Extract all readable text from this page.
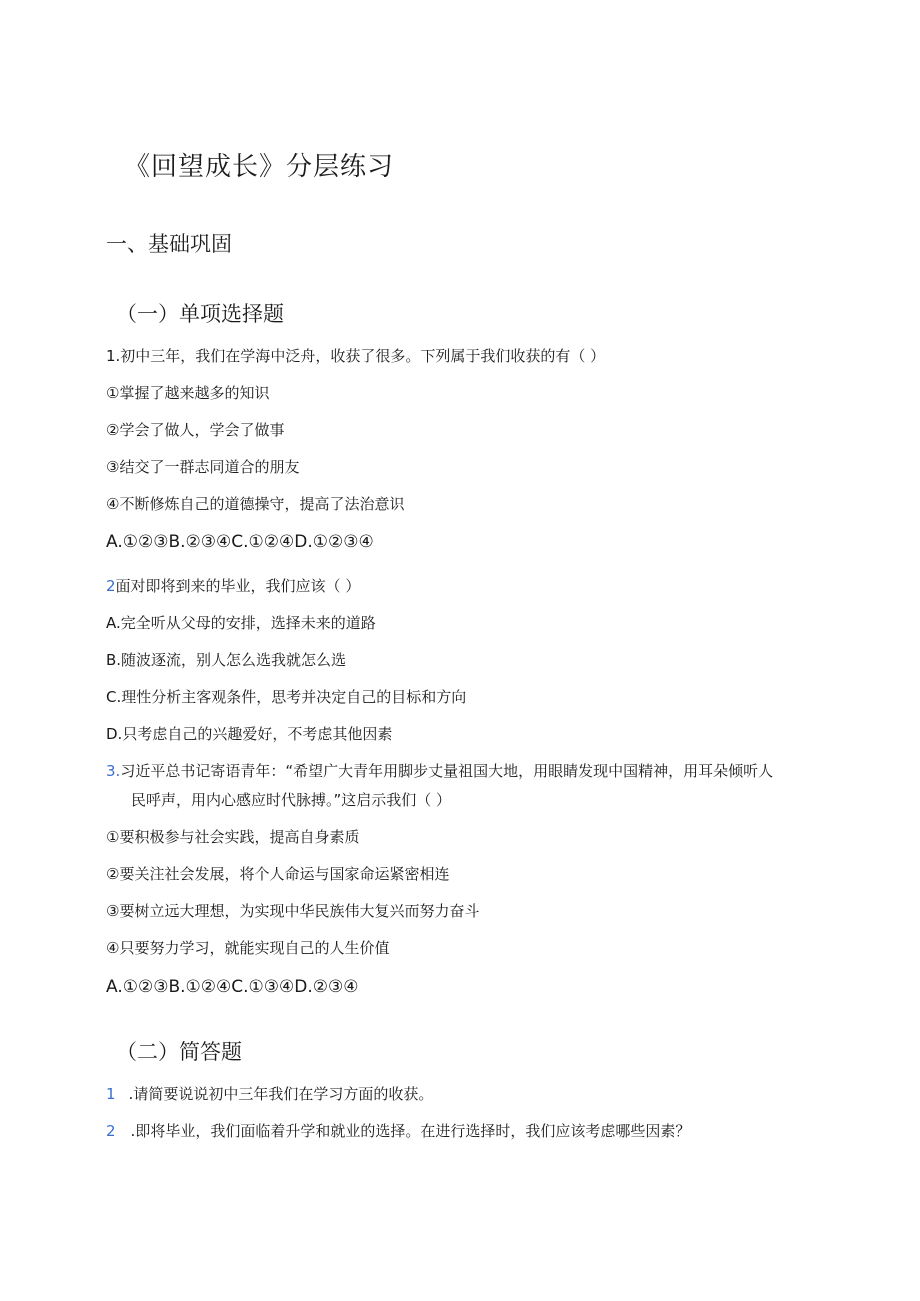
《回望成长》分层练习
一、基础巩固
（一）单项选择题
1.初中三年，我们在学海中泛舟，收获了很多。下列属于我们收获的有（ ）
①掌握了越来越多的知识
②学会了做人，学会了做事
③结交了一群志同道合的朋友
④不断修炼自己的道德操守，提高了法治意识
A.①②③B.②③④C.①②④D.①②③④
2面对即将到来的毕业，我们应该（ ）
A.完全听从父母的安排，选择未来的道路
B.随波逐流，别人怎么选我就怎么选
C.理性分析主客观条件，思考并决定自己的目标和方向
D.只考虑自己的兴趣爱好，不考虑其他因素
3.习近平总书记寄语青年：“希望广大青年用脚步丈量祖国大地，用眼睛发现中国精神，用耳朵倾听人
民呼声，用内心感应时代脉搏。”这启示我们（ ）
①要积极参与社会实践，提高自身素质
②要关注社会发展，将个人命运与国家命运紧密相连
③要树立远大理想，为实现中华民族伟大复兴而努力奋斗
④只要努力学习，就能实现自己的人生价值
A.①②③B.①②④C.①③④D.②③④
（二）简答题
1 .请简要说说初中三年我们在学习方面的收获。
2 .即将毕业，我们面临着升学和就业的选择。在进行选择时，我们应该考虑哪些因素？
